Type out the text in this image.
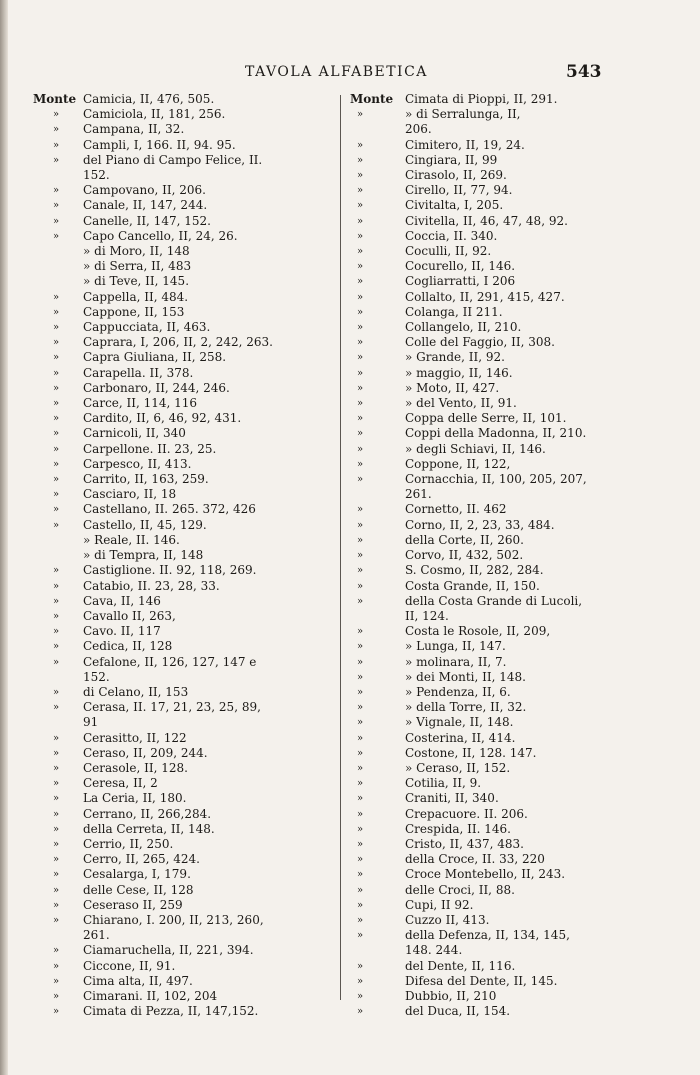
TAVOLA ALFABETICA	543
Monte Camicia, II, 476, 505.
» Camiciola, II, 181, 256.
» Campana, II, 32.
» Campli, I, 166. II, 94. 95.
» del Piano di Campo Felice, II.
152.
» Campovano, II, 206.
» Canale, II, 147, 244.
» Canelle, II, 147, 152.
» Capo Cancello, II, 24, 26.
» di Moro, II, 148
» di Serra, II, 483
» di Teve, II, 145.
» Cappella, II, 484.
» Cappone, II, 153
» Cappucciata, II, 463.
» Caprara, I, 206, II, 2, 242, 263.
» Capra Giuliana, II, 258.
» Carapella. II, 378.
» Carbonaro, II, 244, 246.
» Carce, II, 114, 116
» Cardito, II, 6, 46, 92, 431.
» Carnicoli, II, 340
» Carpellone. II. 23, 25.
» Carpesco, II, 413.
» Carrito, II, 163, 259.
» Casciaro, II, 18
» Castellano, II. 265. 372, 426
» Castello, II, 45, 129.
» Reale, II. 146.
» di Tempra, II, 148
» Castiglione. II. 92, 118, 269.
» Catabio, II. 23, 28, 33.
» Cava, II, 146
» Cavallo II, 263,
» Cavo. II, 117
» Cedica, II, 128
» Cefalone, II, 126, 127, 147 e
152.
» di Celano, II, 153
» Cerasa, II. 17, 21, 23, 25, 89,
91
» Cerasitto, II, 122
» Ceraso, II, 209, 244.
» Cerasole, II, 128.
» Ceresa, II, 2
» La Ceria, II, 180.
» Cerrano, II, 266,284.
» della Cerreta, II, 148.
» Cerrio, II, 250.
» Cerro, II, 265, 424.
» Cesalarga, I, 179.
» delle Cese, II, 128
» Ceseraso II, 259
» Chiarano, I. 200, II, 213, 260,
261.
» Ciamaruchella, II, 221, 394.
» Ciccone, II, 91.
» Cima alta, II, 497.
» Cimarani. II, 102, 204
» Cimata di Pezza, II, 147,152.
Monte Cimata di Pioppi, II, 291.
»	» di Serralunga, II,
206.
»	Cimitero, II, 19, 24.
»	Cingiara, II, 99
»	Cirasolo, II, 269.
»	Cirello, II, 77, 94.
»	Civitalta, I, 205.
»	Civitella, II, 46, 47, 48, 92.
»	Coccia, II. 340.
»	Coculli, II, 92.
»	Cocurello, II, 146.
»	Cogliarratti, I 206
»	Collalto, II, 291, 415, 427.
»	Colanga, II 211.
»	Collangelo, II, 210.
»	Colle del Faggio, II, 308.
»	» Grande, II, 92.
»	» maggio, II, 146.
»	» Moto, II, 427.
»	» del Vento, II, 91.
»	Coppa delle Serre, II, 101.
»	Coppi della Madonna, II, 210.
»	» degli Schiavi, II, 146.
»	Coppone, II, 122,
»	Cornacchia, II, 100, 205, 207,
261.
»	Cornetto, II. 462
»	Corno, II, 2, 23, 33, 484.
»	della Corte, II, 260.
»	Corvo, II, 432, 502.
»	S. Cosmo, II, 282, 284.
»	Costa Grande, II, 150.
»	della Costa Grande di Lucoli,
II, 124.
»	Costa le Rosole, II, 209,
»	» Lunga, II, 147.
»	» molinara, II, 7.
»	» dei Monti, II, 148.
»	» Pendenza, II, 6.
»	» della Torre, II, 32.
»	» Vignale, II, 148.
»	Costerina, II, 414.
»	Costone, II, 128. 147.
»	» Ceraso, II, 152.
»	Cotilia, II, 9.
»	Craniti, II, 340.
»	Crepacuore. II. 206.
»	Crespida, II. 146.
»	Cristo, II, 437, 483.
»	della Croce, II. 33, 220
»	Croce Montebello, II, 243.
»	delle Croci, II, 88.
»	Cupi, II 92.
»	Cuzzo II, 413.
»	della Defenza, II, 134, 145,
148. 244.
»	del Dente, II, 116.
»	Difesa del Dente, II, 145.
»	Dubbio, II, 210
»	del Duca, II, 154.
